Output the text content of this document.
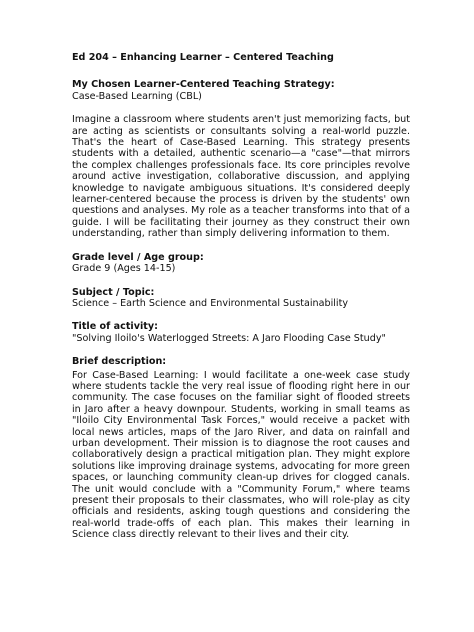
Ed 204 – Enhancing Learner – Centered Teaching

My Chosen Learner-Centered Teaching Strategy:

Case-Based Learning (CBL)

Imagine a classroom where students aren't just memorizing facts, but are acting as scientists or consultants solving a real-world puzzle. That's the heart of Case-Based Learning. This strategy presents students with a detailed, authentic scenario—a "case"—that mirrors the complex challenges professionals face. Its core principles revolve around active investigation, collaborative discussion, and applying knowledge to navigate ambiguous situations. It's considered deeply learner-centered because the process is driven by the students' own questions and analyses. My role as a teacher transforms into that of a guide. I will be facilitating their journey as they construct their own understanding, rather than simply delivering information to them.

Grade level / Age group:

Grade 9 (Ages 14-15)

Subject / Topic:

Science – Earth Science and Environmental Sustainability

Title of activity:

"Solving Iloilo's Waterlogged Streets: A Jaro Flooding Case Study"

Brief description:

For Case-Based Learning: I would facilitate a one-week case study where students tackle the very real issue of flooding right here in our community. The case focuses on the familiar sight of flooded streets in Jaro after a heavy downpour. Students, working in small teams as "Iloilo City Environmental Task Forces," would receive a packet with local news articles, maps of the Jaro River, and data on rainfall and urban development. Their mission is to diagnose the root causes and collaboratively design a practical mitigation plan. They might explore solutions like improving drainage systems, advocating for more green spaces, or launching community clean-up drives for clogged canals. The unit would conclude with a "Community Forum," where teams present their proposals to their classmates, who will role-play as city officials and residents, asking tough questions and considering the real-world trade-offs of each plan. This makes their learning in Science class directly relevant to their lives and their city.
